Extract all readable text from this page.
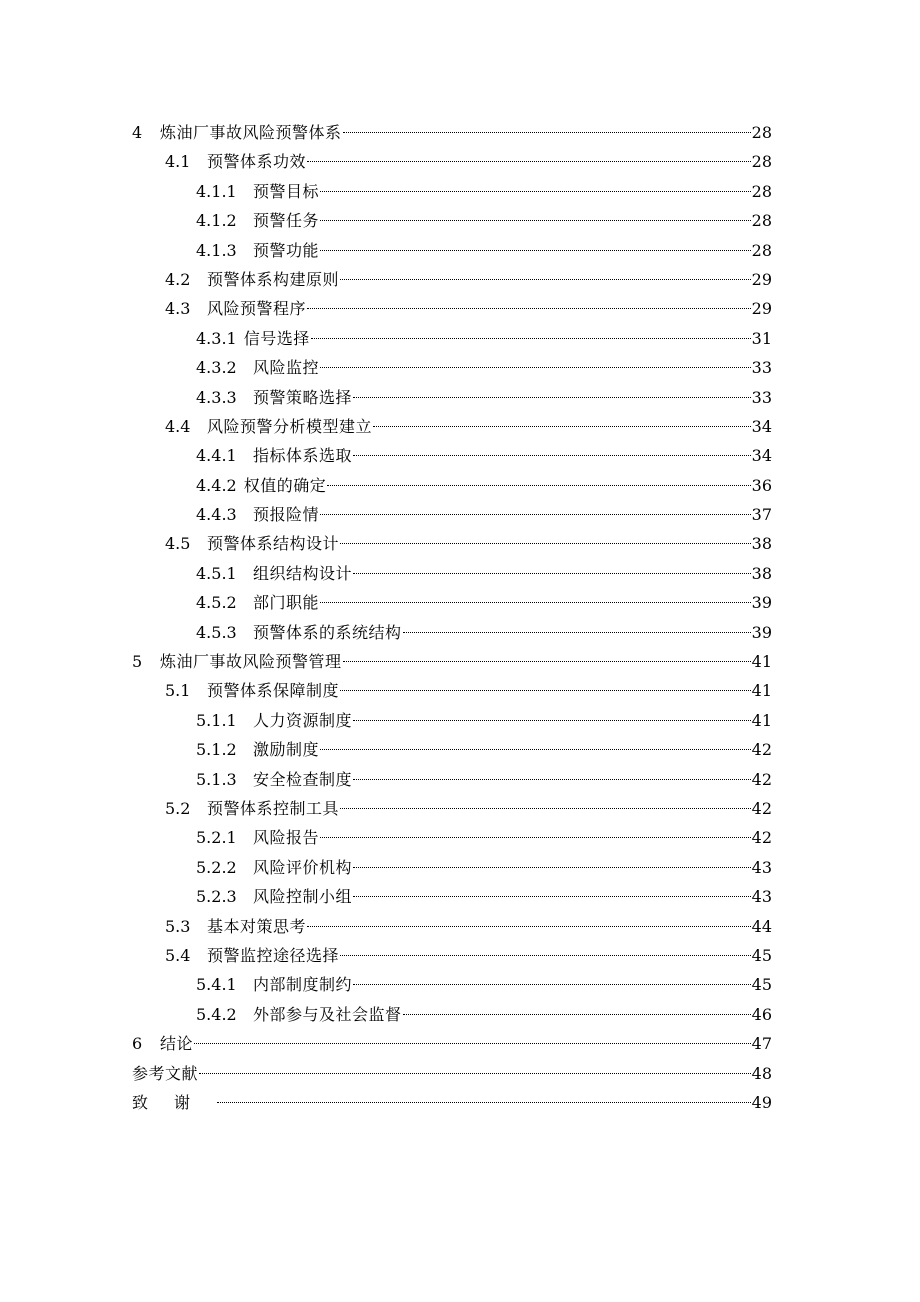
4	炼油厂事故风险预警体系	28
4.1	预警体系功效	28
4.1.1	预警目标	28
4.1.2	预警任务	28
4.1.3	预警功能	28
4.2	预警体系构建原则	29
4.3	风险预警程序	29
4.3.1 信号选择	31
4.3.2	风险监控	33
4.3.3	预警策略选择	33
4.4	风险预警分析模型建立	34
4.4.1	指标体系选取	34
4.4.2 权值的确定	36
4.4.3	预报险情	37
4.5	预警体系结构设计	38
4.5.1	组织结构设计	38
4.5.2	部门职能	39
4.5.3	预警体系的系统结构	39
5	炼油厂事故风险预警管理	41
5.1	预警体系保障制度	41
5.1.1	人力资源制度	41
5.1.2	激励制度	42
5.1.3	安全检查制度	42
5.2	预警体系控制工具	42
5.2.1	风险报告	42
5.2.2	风险评价机构	43
5.2.3	风险控制小组	43
5.3	基本对策思考	44
5.4	预警监控途径选择	45
5.4.1	内部制度制约	45
5.4.2	外部参与及社会监督	46
6	结论	47
参考文献	48
致谢	49
